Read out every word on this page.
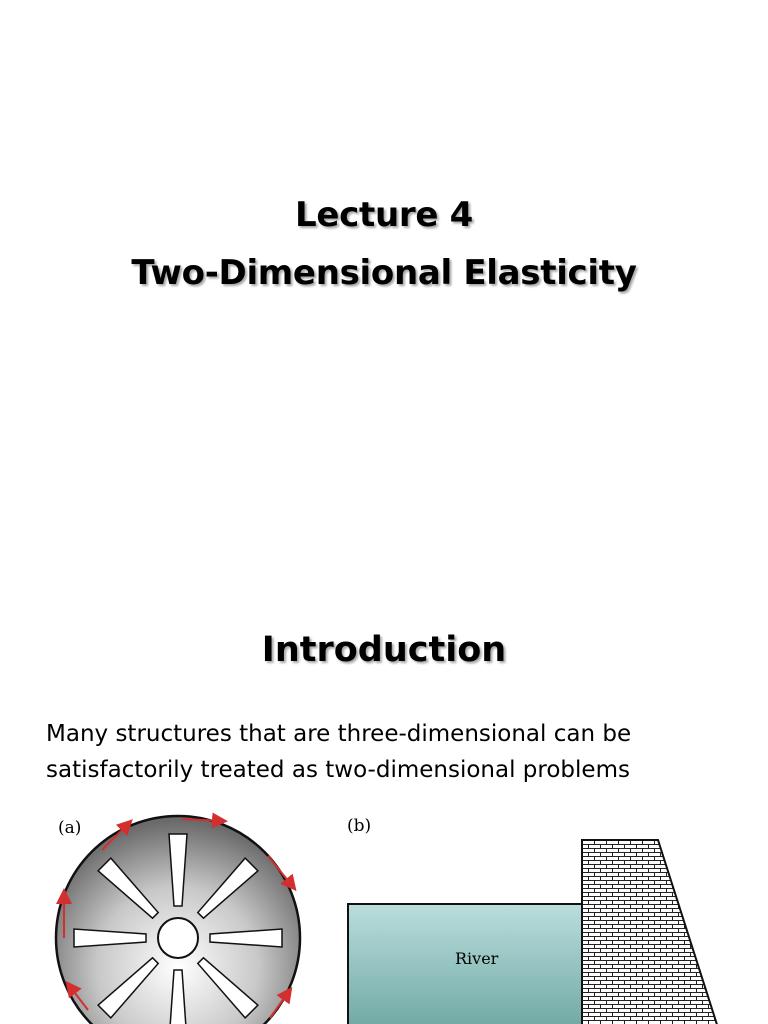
Lecture 4
Two-Dimensional Elasticity
Introduction
Many structures that are three-dimensional can be
satisfactorily treated as two-dimensional problems
(a)	(b)
River
